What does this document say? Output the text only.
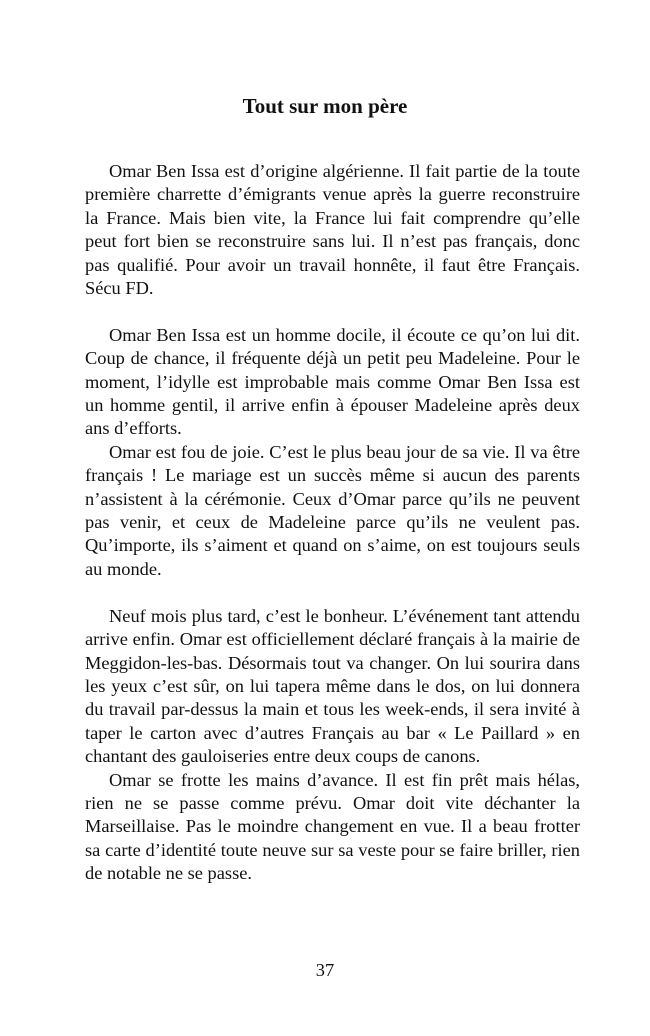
Tout sur mon père

Omar Ben Issa est d’origine algérienne. Il fait partie de la toute première charrette d’émigrants venue après la guerre reconstruire la France. Mais bien vite, la France lui fait comprendre qu’elle peut fort bien se reconstruire sans lui. Il n’est pas français, donc pas qualifié. Pour avoir un travail honnête, il faut être Français. Sécu FD.

Omar Ben Issa est un homme docile, il écoute ce qu’on lui dit. Coup de chance, il fréquente déjà un petit peu Madeleine. Pour le moment, l’idylle est improbable mais comme Omar Ben Issa est un homme gentil, il arrive enfin à épouser Madeleine après deux ans d’efforts.

Omar est fou de joie. C’est le plus beau jour de sa vie. Il va être français ! Le mariage est un succès même si aucun des parents n’assistent à la cérémonie. Ceux d’Omar parce qu’ils ne peuvent pas venir, et ceux de Madeleine parce qu’ils ne veulent pas. Qu’importe, ils s’aiment et quand on s’aime, on est toujours seuls au monde.

Neuf mois plus tard, c’est le bonheur. L’événement tant attendu arrive enfin. Omar est officiellement déclaré français à la mairie de Meggidon-les-bas. Désormais tout va changer. On lui sourira dans les yeux c’est sûr, on lui tapera même dans le dos, on lui donnera du travail par-dessus la main et tous les week-ends, il sera invité à taper le carton avec d’autres Français au bar « Le Paillard » en chantant des gauloiseries entre deux coups de canons.

Omar se frotte les mains d’avance. Il est fin prêt mais hélas, rien ne se passe comme prévu. Omar doit vite déchanter la Marseillaise. Pas le moindre changement en vue. Il a beau frotter sa carte d’identité toute neuve sur sa veste pour se faire briller, rien de notable ne se passe.

37
